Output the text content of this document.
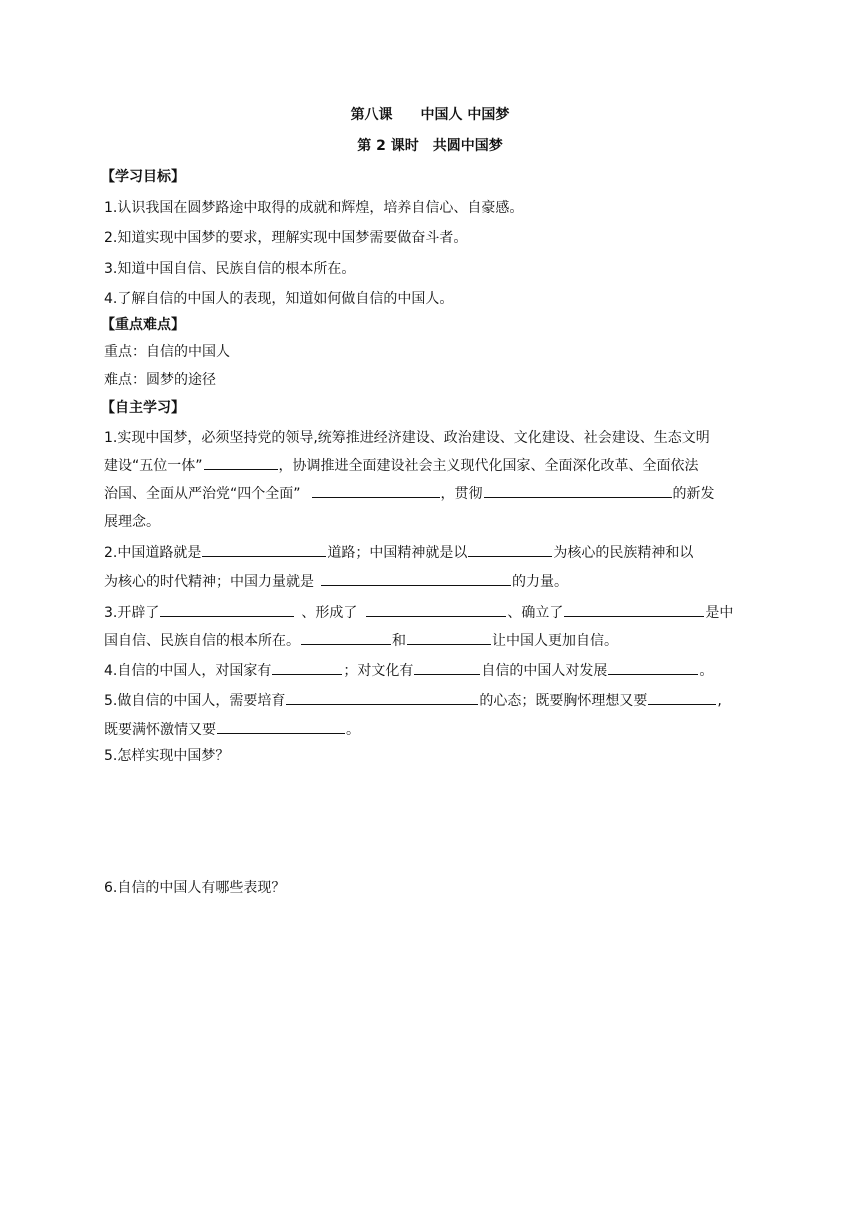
第八课　　中国人 中国梦
第 2 课时　共圆中国梦
【学习目标】
1.认识我国在圆梦路途中取得的成就和辉煌，培养自信心、自豪感。
2.知道实现中国梦的要求，理解实现中国梦需要做奋斗者。
3.知道中国自信、民族自信的根本所在。
4.了解自信的中国人的表现，知道如何做自信的中国人。
【重点难点】
重点：自信的中国人
难点：圆梦的途径
【自主学习】
1.实现中国梦，必须坚持党的领导,统筹推进经济建设、政治建设、文化建设、社会建设、生态文明
建设“五位一体”	，协调推进全面建设社会主义现代化国家、全面深化改革、全面依法
治国、全面从严治党“四个全面”	，贯彻	的新发
展理念。
2.中国道路就是	道路；中国精神就是以	为核心的民族精神和以
为核心的时代精神；中国力量就是	的力量。
3.开辟了	、形成了	、确立了	是中
国自信、民族自信的根本所在。	和	让中国人更加自信。
4.自信的中国人，对国家有	；对文化有	自信的中国人对发展	。
5.做自信的中国人，需要培育	的心态；既要胸怀理想又要	,
既要满怀激情又要	。
5.怎样实现中国梦？
6.自信的中国人有哪些表现？
